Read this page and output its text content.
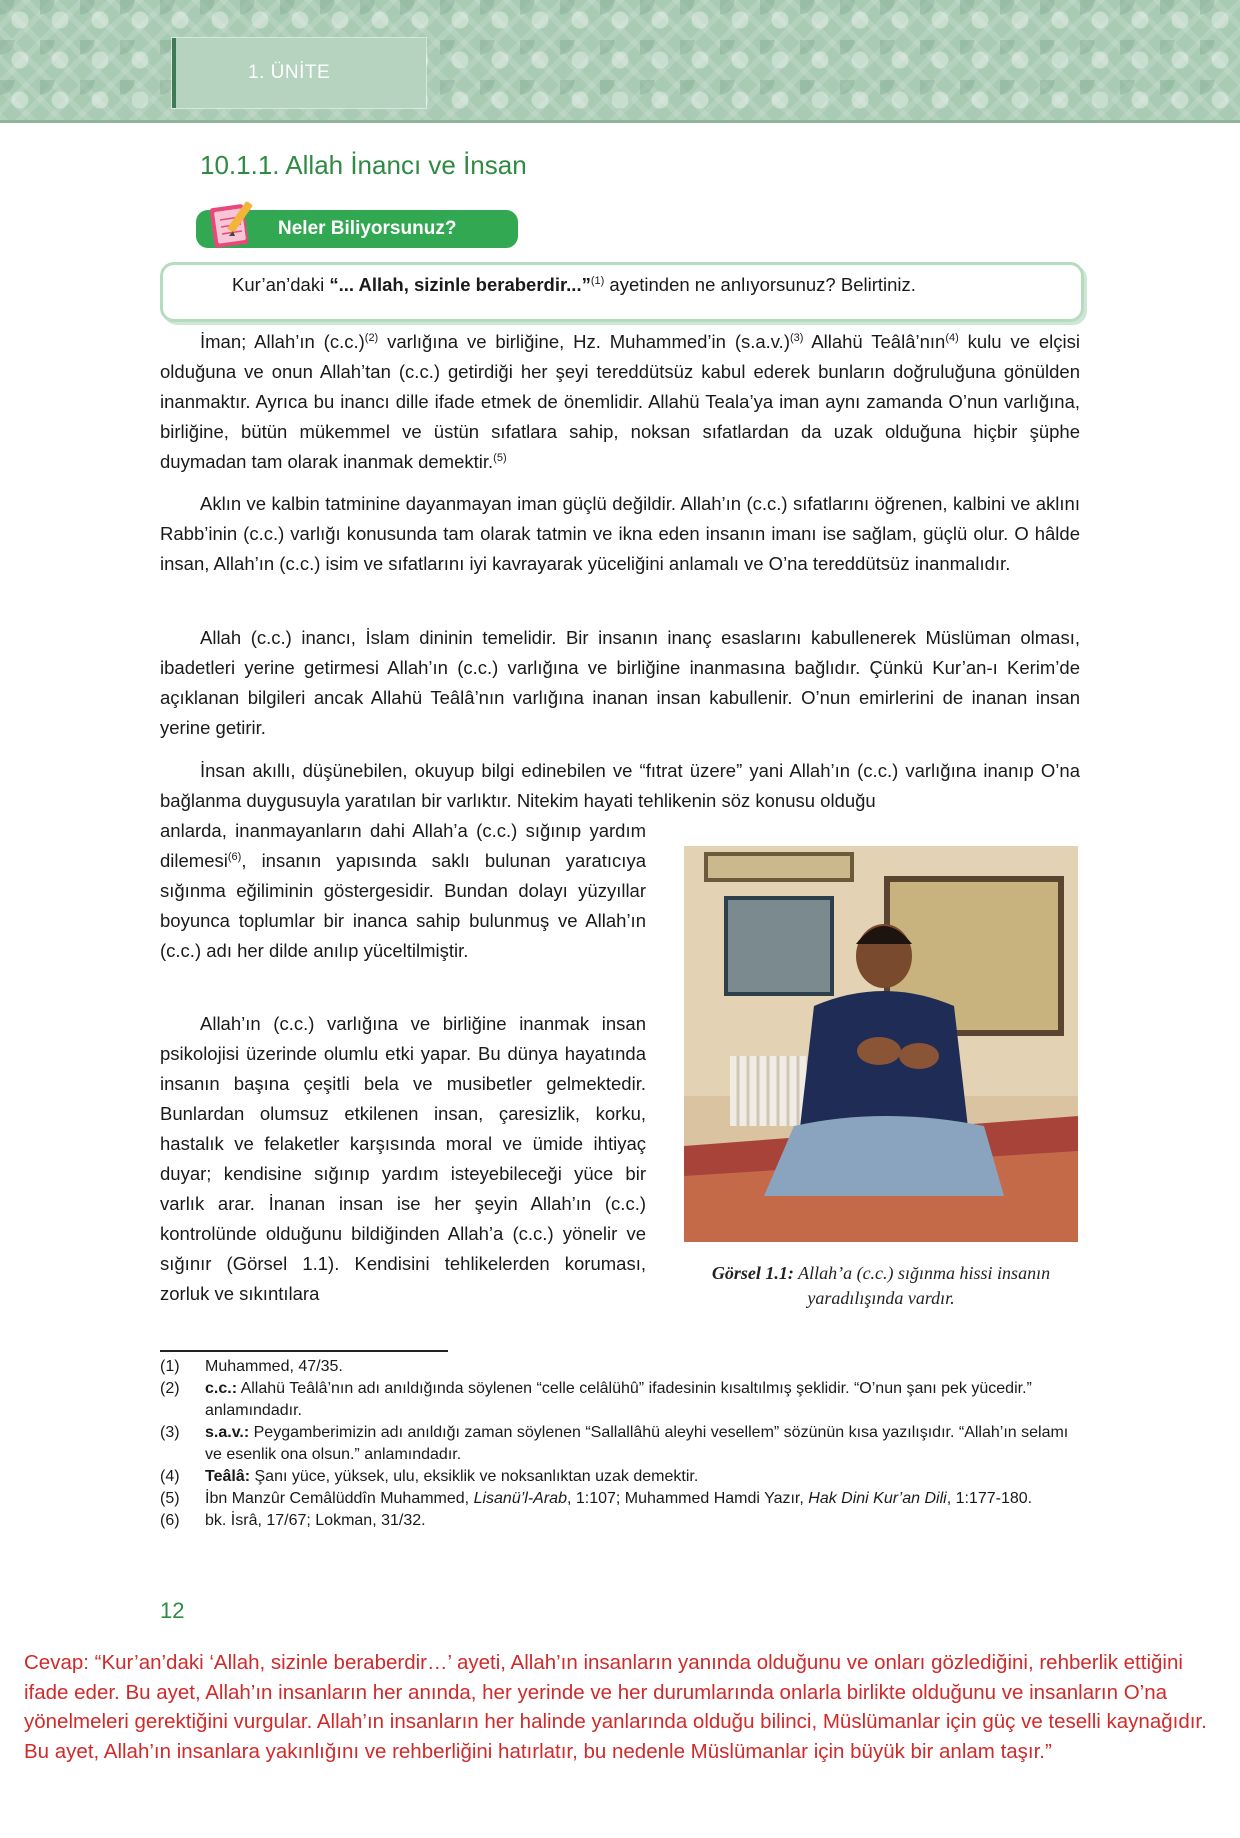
1. ÜNİTE
10.1.1. Allah İnancı ve İnsan
Kur’an’daki “... Allah, sizinle beraberdir...”$^{(1)}$ ayetinden ne anlıyorsunuz? Belirtiniz.
Neler Biliyorsunuz?
İman; Allah’ın $(c.c.)^{(2)}$ varlığına ve birliğine, Hz. Muhammed’in $(s.a.v.)^{(3)}$ Allahü Teâlâ’nın$^{(4)}$ kulu ve elçisi olduğuna ve onun Allah’tan (c.c.) getirdiği her şeyi tereddütsüz kabul ederek bunların doğruluğuna gönülden inanmaktır. Ayrıca bu inancı dille ifade etmek de önemlidir. Allahü Teala’ya iman aynı zamanda O’nun varlığına, birliğine, bütün mükemmel ve üstün sıfatlara sahip, noksan sıfatlardan da uzak olduğuna hiçbir şüphe duymadan tam olarak inanmak demektir.$^{(5)}$
Aklın ve kalbin tatminine dayanmayan iman güçlü değildir. Allah’ın (c.c.) sıfatlarını öğrenen, kalbini ve aklını Rabb’inin (c.c.) varlığı konusunda tam olarak tatmin ve ikna eden insanın imanı ise sağlam, güçlü olur. O hâlde insan, Allah’ın (c.c.) isim ve sıfatlarını iyi kavrayarak yüceliğini anlamalı ve O’na tereddütsüz inanmalıdır.
Allah (c.c.) inancı, İslam dininin temelidir. Bir insanın inanç esaslarını kabullenerek Müslüman olması, ibadetleri yerine getirmesi Allah’ın (c.c.) varlığına ve birliğine inanmasına bağlıdır. Çünkü Kur’an-ı Kerim’de açıklanan bilgileri ancak Allahü Teâlâ’nın varlığına inanan insan kabullenir. O’nun emirlerini de inanan insan yerine getirir.
İnsan akıllı, düşünebilen, okuyup bilgi edinebilen ve “fıtrat üzere” yani Allah’ın (c.c.) varlığına inanıp O’na bağlanma duygusuyla yaratılan bir varlıktır. Nitekim hayati tehlikenin söz konusu olduğu
anlarda, inanmayanların dahi Allah’a (c.c.) sığınıp yardım dilemesi$^{(6)}$, insanın yapısında saklı bulunan yaratıcıya sığınma eğiliminin göstergesidir. Bundan dolayı yüzyıllar boyunca toplumlar bir inanca sahip bulunmuş ve Allah’ın (c.c.) adı her dilde anılıp yüceltilmiştir.
Allah’ın (c.c.) varlığına ve birliğine inanmak insan psikolojisi üzerinde olumlu etki yapar. Bu dünya hayatında insanın başına çeşitli bela ve musibetler gelmektedir. Bunlardan olumsuz etkilenen insan, çaresizlik, korku, hastalık ve felaketler karşısında moral ve ümide ihtiyaç duyar; kendisine sığınıp yardım isteyebileceği yüce bir varlık arar. İnanan insan ise her şeyin Allah’ın (c.c.) kontrolünde olduğunu bildiğinden Allah’a (c.c.) yönelir ve sığınır (Görsel 1.1). Kendisini tehlikelerden koruması, zorluk ve sıkıntılara
Görsel 1.1: Allah’a (c.c.) sığınma hissi insanın yaradılışında vardır.
(1)	Muhammed, 47/35.
(2)	c.c.: Allahü Teâlâ’nın adı anıldığında söylenen “celle celâlühû” ifadesinin kısaltılmış şeklidir. “O’nun şanı pek yücedir.” anlamındadır.
(3)	s.a.v.: Peygamberimizin adı anıldığı zaman söylenen “Sallallâhü aleyhi vesellem” sözünün kısa yazılışıdır. “Allah’ın selamı ve esenlik ona olsun.” anlamındadır.
(4)	Teâlâ: Şanı yüce, yüksek, ulu, eksiklik ve noksanlıktan uzak demektir.
(5)	İbn Manzûr Cemâlüddîn Muhammed, Lisanü’l-Arab, 1:107; Muhammed Hamdi Yazır, Hak Dini Kur’an Dili, 1:177-180.
(6)	bk. İsrâ, 17/67; Lokman, 31/32.
12
Cevap: “Kur’an’daki ‘Allah, sizinle beraberdir…’ ayeti, Allah’ın insanların yanında olduğunu ve onları gözlediğini, rehberlik ettiğini ifade eder. Bu ayet, Allah’ın insanların her anında, her yerinde ve her durumlarında onlarla birlikte olduğunu ve insanların O’na yönelmeleri gerektiğini vurgular. Allah’ın insanların her halinde yanlarında olduğu bilinci, Müslümanlar için güç ve teselli kaynağıdır. Bu ayet, Allah’ın insanlara yakınlığını ve rehberliğini hatırlatır, bu nedenle Müslümanlar için büyük bir anlam taşır.”
